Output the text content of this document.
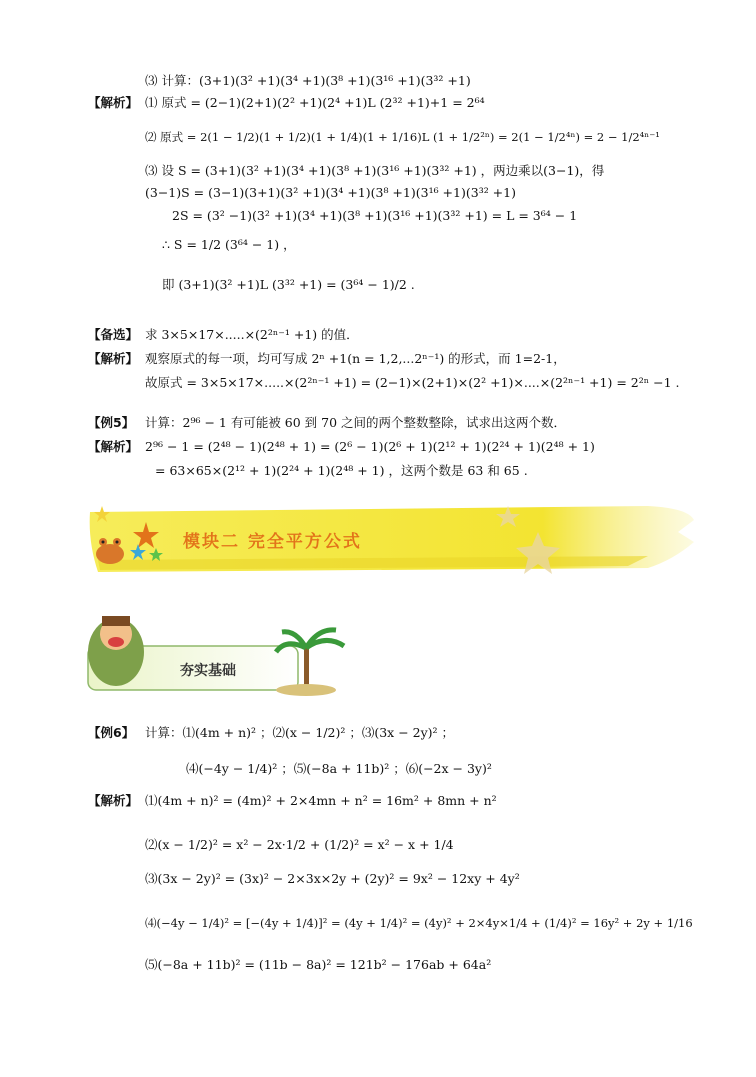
⑶ 计算：(3+1)(3² +1)(3⁴ +1)(3⁸ +1)(3¹⁶ +1)(3³² +1)
【解析】 ⑴ 原式 = (2−1)(2+1)(2² +1)(2⁴ +1)L (2³² +1)+1 = 2⁶⁴
⑵ 原式 = 2(1 − 1/2)(1 + 1/2)(1 + 1/4)(1 + 1/16)L (1 + 1/2²ⁿ) = 2(1 − 1/2⁴ⁿ) = 2 − 1/2⁴ⁿ⁻¹
⑶ 设 S = (3+1)(3² +1)(3⁴ +1)(3⁸ +1)(3¹⁶ +1)(3³² +1) ，两边乘以(3−1)，得
(3−1)S = (3−1)(3+1)(3² +1)(3⁴ +1)(3⁸ +1)(3¹⁶ +1)(3³² +1)
2S = (3² −1)(3² +1)(3⁴ +1)(3⁸ +1)(3¹⁶ +1)(3³² +1) = L = 3⁶⁴ − 1
∴ S = 1/2 (3⁶⁴ − 1) ，
即 (3+1)(3² +1)L (3³² +1) = (3⁶⁴ − 1)/2 .
【备选】 求 3×5×17×.....×(2²ⁿ⁻¹ +1) 的值．
【解析】 观察原式的每一项，均可写成 2ⁿ +1(n = 1,2,...2ⁿ⁻¹) 的形式，而 1=2-1，
故原式 = 3×5×17×.....×(2²ⁿ⁻¹ +1) = (2−1)×(2+1)×(2² +1)×....×(2²ⁿ⁻¹ +1) = 2²ⁿ −1 .
【例5】 计算：2⁹⁶ − 1 有可能被 60 到 70 之间的两个整数整除，试求出这两个数．
【解析】 2⁹⁶ − 1 = (2⁴⁸ − 1)(2⁴⁸ + 1) = (2⁶ − 1)(2⁶ + 1)(2¹² + 1)(2²⁴ + 1)(2⁴⁸ + 1)
= 63×65×(2¹² + 1)(2²⁴ + 1)(2⁴⁸ + 1) ，这两个数是 63 和 65 .
模块二 完全平方公式
夯实基础
【例6】 计算：⑴(4m + n)² ；⑵(x − 1/2)² ；⑶(3x − 2y)² ；
⑷(−4y − 1/4)² ；⑸(−8a + 11b)² ；⑹(−2x − 3y)²
【解析】 ⑴(4m + n)² = (4m)² + 2×4mn + n² = 16m² + 8mn + n²
⑵(x − 1/2)² = x² − 2x·1/2 + (1/2)² = x² − x + 1/4
⑶(3x − 2y)² = (3x)² − 2×3x×2y + (2y)² = 9x² − 12xy + 4y²
⑷(−4y − 1/4)² = [−(4y + 1/4)]² = (4y + 1/4)² = (4y)² + 2×4y×1/4 + (1/4)² = 16y² + 2y + 1/16
⑸(−8a + 11b)² = (11b − 8a)² = 121b² − 176ab + 64a²
